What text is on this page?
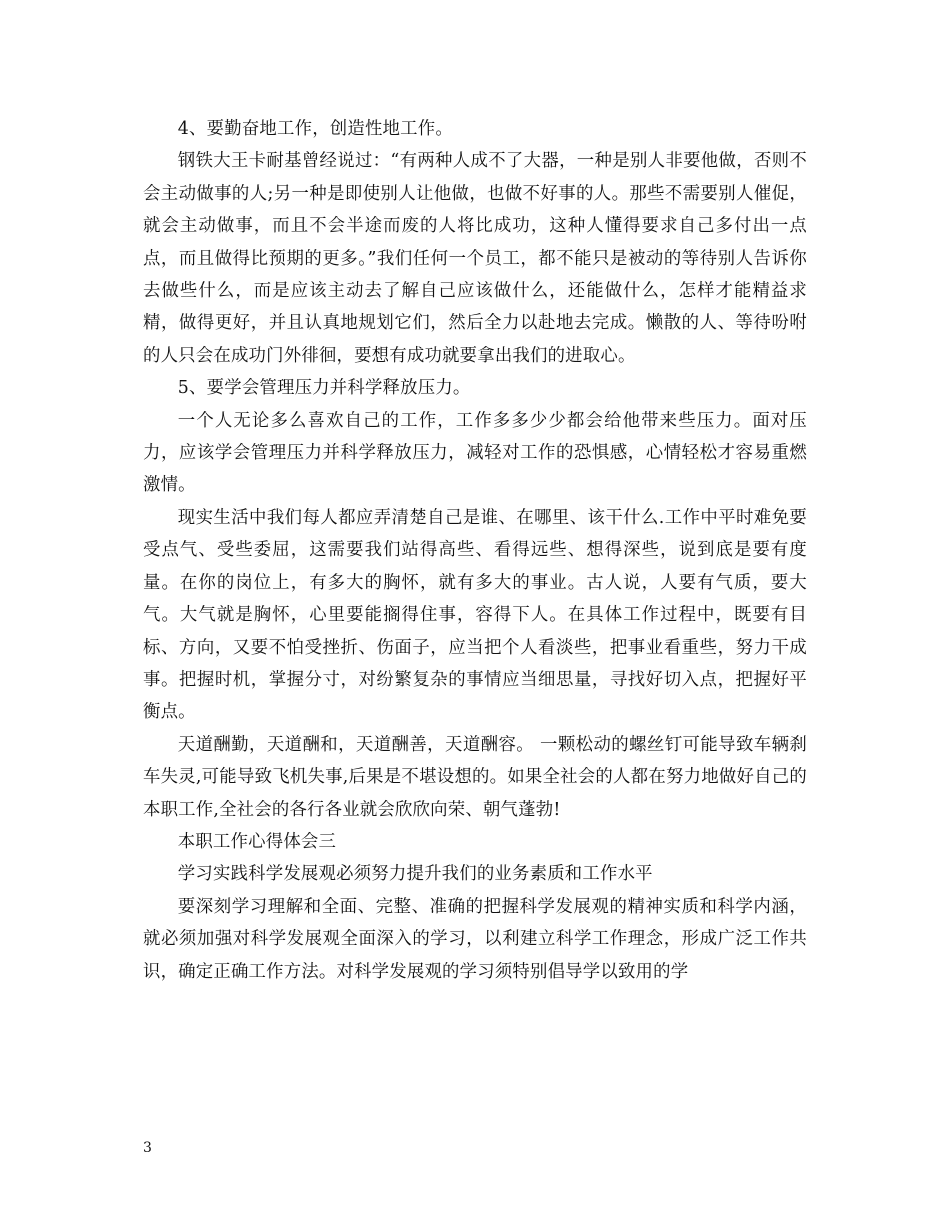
4、要勤奋地工作，创造性地工作。

钢铁大王卡耐基曾经说过：“有两种人成不了大器，一种是别人非要他做，否则不会主动做事的人;另一种是即使别人让他做，也做不好事的人。那些不需要别人催促，就会主动做事，而且不会半途而废的人将比成功，这种人懂得要求自己多付出一点点，而且做得比预期的更多。”我们任何一个员工，都不能只是被动的等待别人告诉你去做些什么，而是应该主动去了解自己应该做什么，还能做什么，怎样才能精益求精，做得更好，并且认真地规划它们，然后全力以赴地去完成。懒散的人、等待吩咐的人只会在成功门外徘徊，要想有成功就要拿出我们的进取心。

5、要学会管理压力并科学释放压力。

一个人无论多么喜欢自己的工作，工作多多少少都会给他带来些压力。面对压力，应该学会管理压力并科学释放压力，减轻对工作的恐惧感，心情轻松才容易重燃激情。

现实生活中我们每人都应弄清楚自己是谁、在哪里、该干什么.工作中平时难免要受点气、受些委屈，这需要我们站得高些、看得远些、想得深些，说到底是要有度量。在你的岗位上，有多大的胸怀，就有多大的事业。古人说，人要有气质，要大气。大气就是胸怀，心里要能搁得住事，容得下人。在具体工作过程中，既要有目标、方向，又要不怕受挫折、伤面子，应当把个人看淡些，把事业看重些，努力干成事。把握时机，掌握分寸，对纷繁复杂的事情应当细思量，寻找好切入点，把握好平衡点。

天道酬勤，天道酬和，天道酬善，天道酬容。 一颗松动的螺丝钉可能导致车辆刹车失灵,可能导致飞机失事,后果是不堪设想的。如果全社会的人都在努力地做好自己的本职工作,全社会的各行各业就会欣欣向荣、朝气蓬勃!

本职工作心得体会三

学习实践科学发展观必须努力提升我们的业务素质和工作水平

要深刻学习理解和全面、完整、准确的把握科学发展观的精神实质和科学内涵，就必须加强对科学发展观全面深入的学习，以利建立科学工作理念，形成广泛工作共识，确定正确工作方法。对科学发展观的学习须特别倡导学以致用的学

3
